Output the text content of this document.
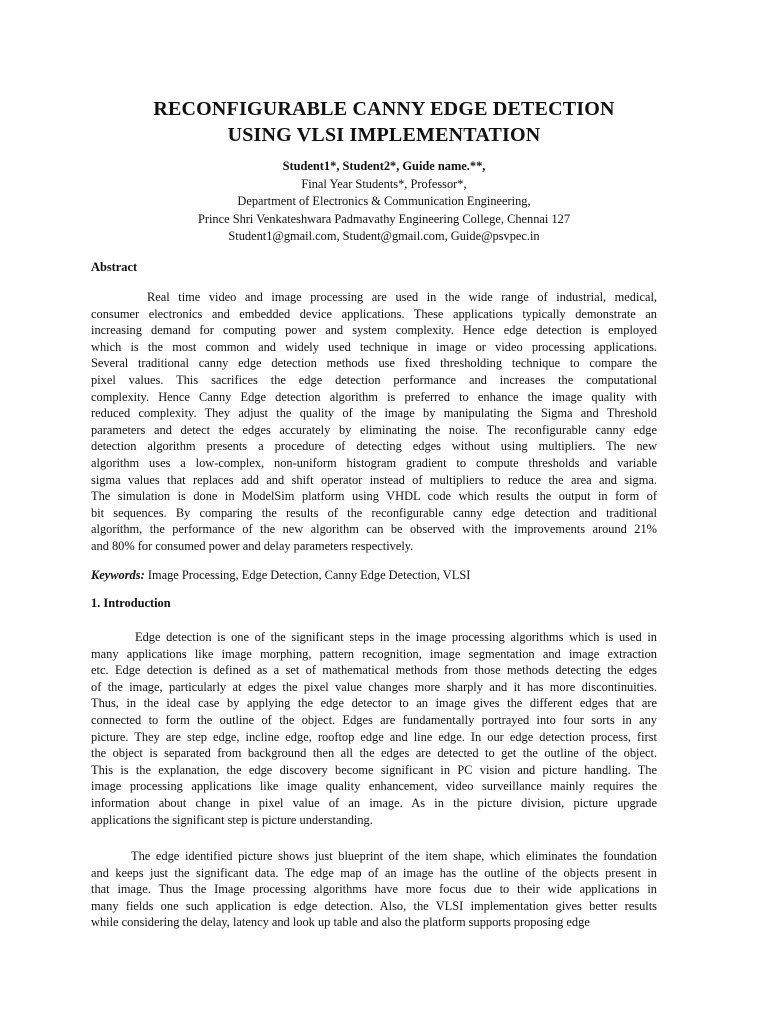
RECONFIGURABLE CANNY EDGE DETECTION
USING VLSI IMPLEMENTATION
Student1*, Student2*, Guide name.**,
Final Year Students*, Professor*,
Department of Electronics & Communication Engineering,
Prince Shri Venkateshwara Padmavathy Engineering College, Chennai 127
Student1@gmail.com, Student@gmail.com, Guide@psvpec.in
Abstract
Real time video and image processing are used in the wide range of industrial, medical,
consumer electronics and embedded device applications. These applications typically demonstrate an
increasing demand for computing power and system complexity. Hence edge detection is employed
which is the most common and widely used technique in image or video processing applications.
Several traditional canny edge detection methods use fixed thresholding technique to compare the
pixel values. This sacrifices the edge detection performance and increases the computational
complexity. Hence Canny Edge detection algorithm is preferred to enhance the image quality with
reduced complexity. They adjust the quality of the image by manipulating the Sigma and Threshold
parameters and detect the edges accurately by eliminating the noise. The reconfigurable canny edge
detection algorithm presents a procedure of detecting edges without using multipliers. The new
algorithm uses a low-complex, non-uniform histogram gradient to compute thresholds and variable
sigma values that replaces add and shift operator instead of multipliers to reduce the area and sigma.
The simulation is done in ModelSim platform using VHDL code which results the output in form of
bit sequences. By comparing the results of the reconfigurable canny edge detection and traditional
algorithm, the performance of the new algorithm can be observed with the improvements around 21%
and 80% for consumed power and delay parameters respectively.
Keywords: Image Processing, Edge Detection, Canny Edge Detection, VLSI
1. Introduction
Edge detection is one of the significant steps in the image processing algorithms which is used in
many applications like image morphing, pattern recognition, image segmentation and image extraction
etc. Edge detection is defined as a set of mathematical methods from those methods detecting the edges
of the image, particularly at edges the pixel value changes more sharply and it has more discontinuities.
Thus, in the ideal case by applying the edge detector to an image gives the different edges that are
connected to form the outline of the object. Edges are fundamentally portrayed into four sorts in any
picture. They are step edge, incline edge, rooftop edge and line edge. In our edge detection process, first
the object is separated from background then all the edges are detected to get the outline of the object.
This is the explanation, the edge discovery become significant in PC vision and picture handling. The
image processing applications like image quality enhancement, video surveillance mainly requires the
information about change in pixel value of an image. As in the picture division, picture upgrade
applications the significant step is picture understanding.
The edge identified picture shows just blueprint of the item shape, which eliminates the foundation
and keeps just the significant data. The edge map of an image has the outline of the objects present in
that image. Thus the Image processing algorithms have more focus due to their wide applications in
many fields one such application is edge detection. Also, the VLSI implementation gives better results
while considering the delay, latency and look up table and also the platform supports proposing edge
